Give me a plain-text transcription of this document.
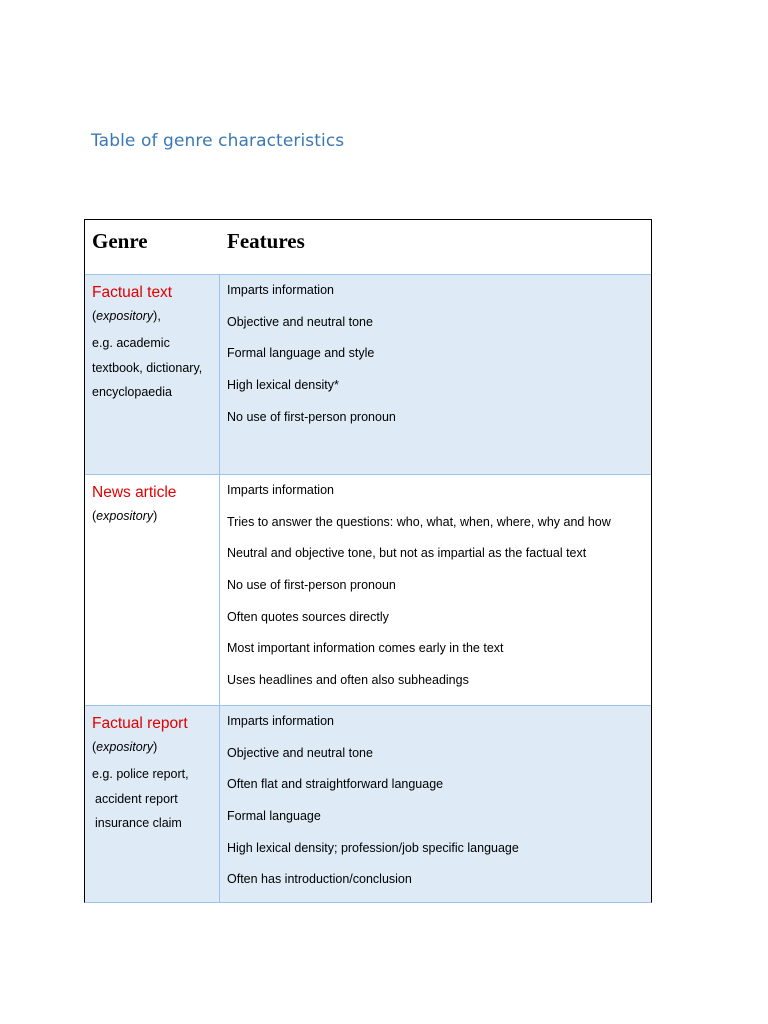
Table of genre characteristics
Genre	Features
Factual text
(expository),
e.g. academic textbook, dictionary, encyclopaedia
Imparts information
Objective and neutral tone
Formal language and style
High lexical density*
No use of first-person pronoun
News article
(expository)
Imparts information
Tries to answer the questions: who, what, when, where, why and how
Neutral and objective tone, but not as impartial as the factual text
No use of first-person pronoun
Often quotes sources directly
Most important information comes early in the text
Uses headlines and often also subheadings
Factual report
(expository)
e.g. police report, accident report insurance claim
Imparts information
Objective and neutral tone
Often flat and straightforward language
Formal language
High lexical density; profession/job specific language
Often has introduction/conclusion
